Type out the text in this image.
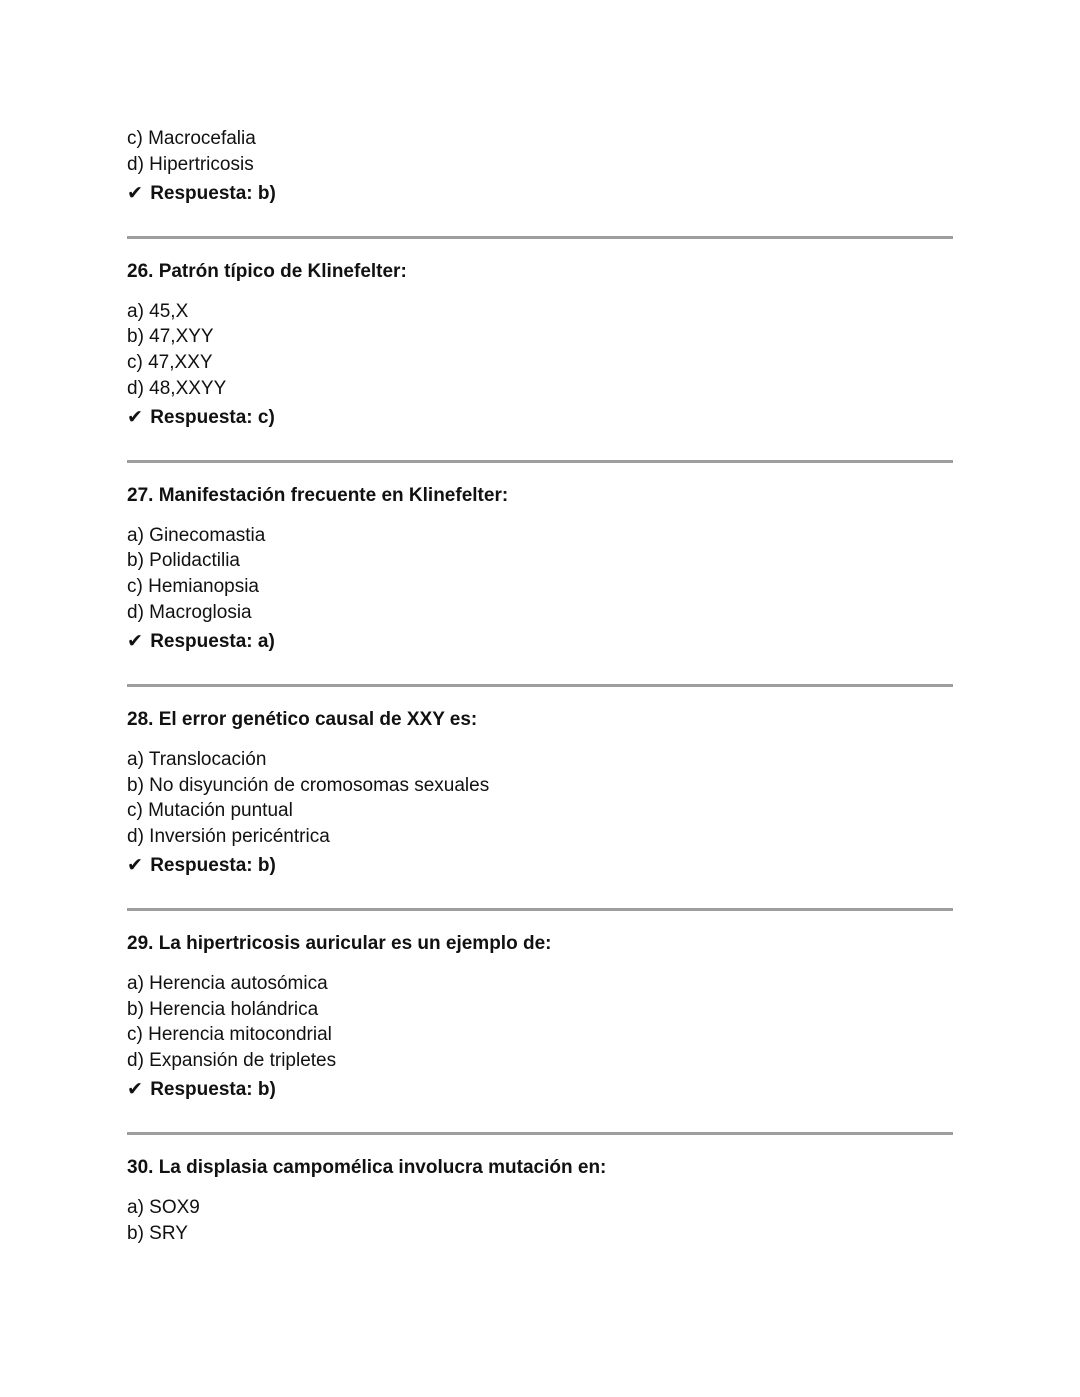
c) Macrocefalia
d) Hipertricosis
✔ Respuesta: b)
26. Patrón típico de Klinefelter:
a) 45,X
b) 47,XYY
c) 47,XXY
d) 48,XXYY
✔ Respuesta: c)
27. Manifestación frecuente en Klinefelter:
a) Ginecomastia
b) Polidactilia
c) Hemianopsia
d) Macroglosia
✔ Respuesta: a)
28. El error genético causal de XXY es:
a) Translocación
b) No disyunción de cromosomas sexuales
c) Mutación puntual
d) Inversión pericéntrica
✔ Respuesta: b)
29. La hipertricosis auricular es un ejemplo de:
a) Herencia autosómica
b) Herencia holándrica
c) Herencia mitocondrial
d) Expansión de tripletes
✔ Respuesta: b)
30. La displasia campomélica involucra mutación en:
a) SOX9
b) SRY
